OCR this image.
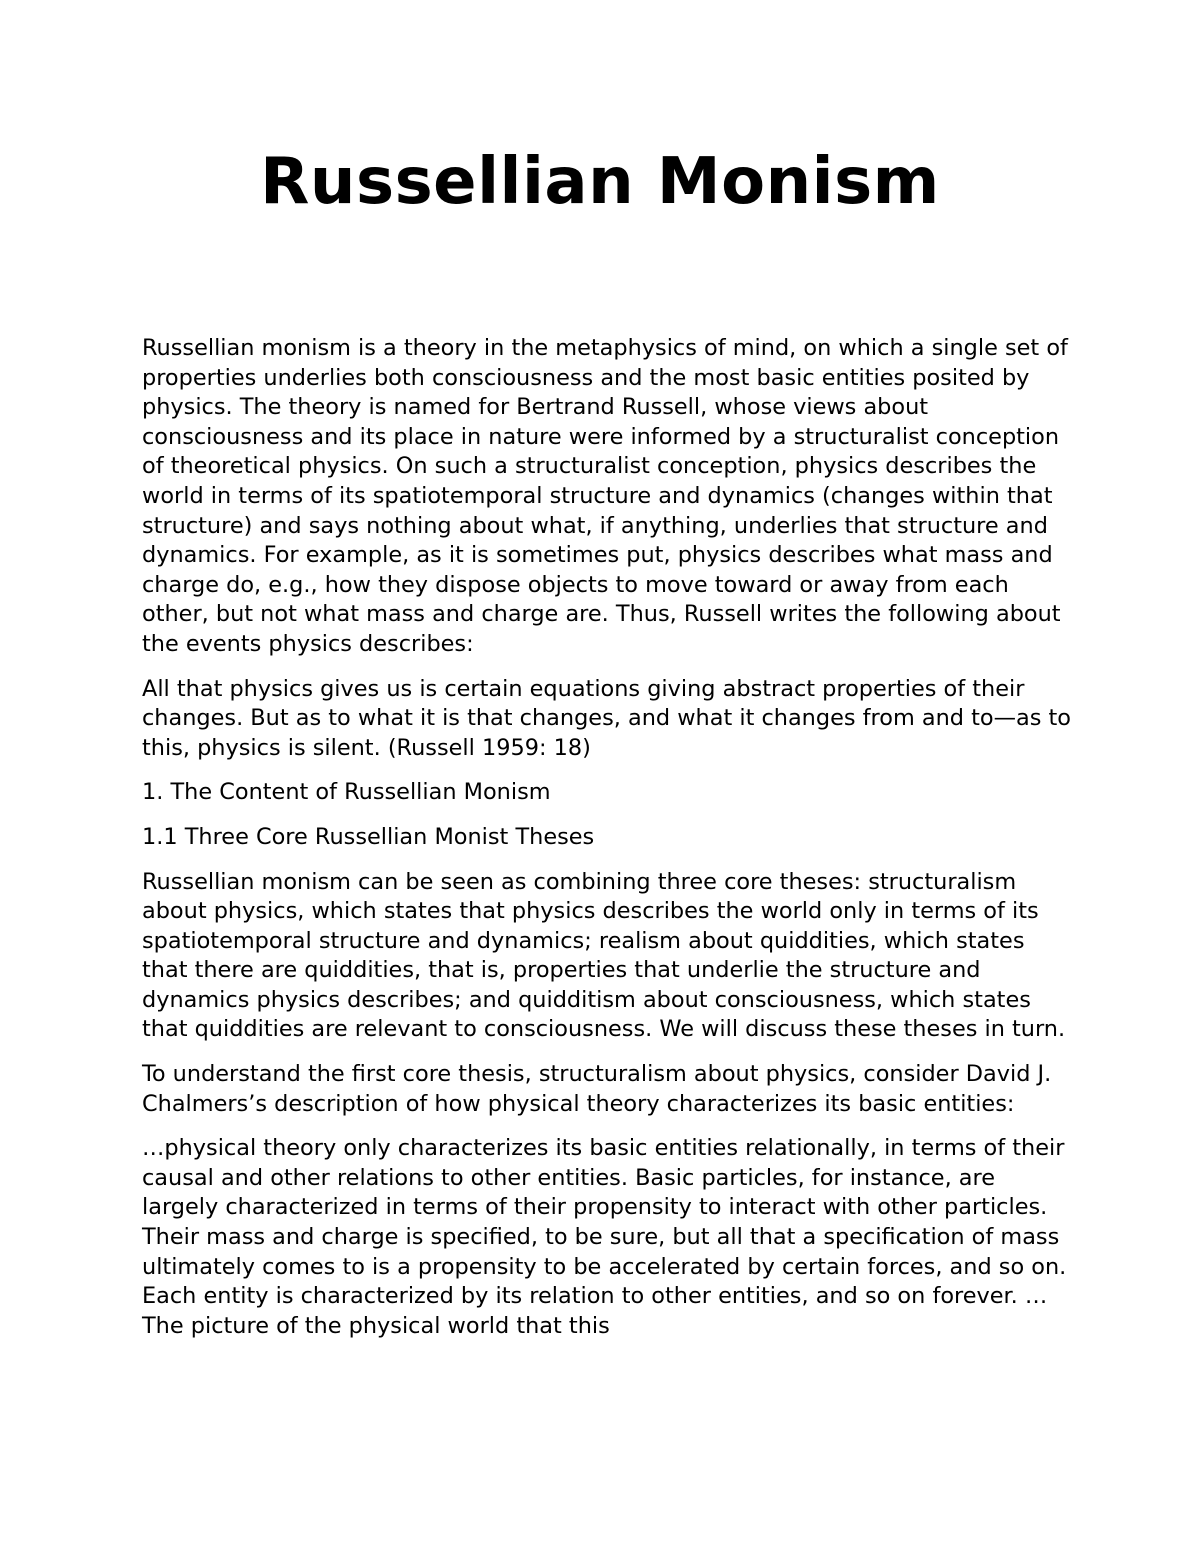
Russellian Monism

Russellian monism is a theory in the metaphysics of mind, on which a single set of properties underlies both consciousness and the most basic entities posited by physics. The theory is named for Bertrand Russell, whose views about consciousness and its place in nature were informed by a structuralist conception of theoretical physics. On such a structuralist conception, physics describes the world in terms of its spatiotemporal structure and dynamics (changes within that structure) and says nothing about what, if anything, underlies that structure and dynamics. For example, as it is sometimes put, physics describes what mass and charge do, e.g., how they dispose objects to move toward or away from each other, but not what mass and charge are. Thus, Russell writes the following about the events physics describes:

All that physics gives us is certain equations giving abstract properties of their changes. But as to what it is that changes, and what it changes from and to—as to this, physics is silent. (Russell 1959: 18)

1. The Content of Russellian Monism

1.1 Three Core Russellian Monist Theses

Russellian monism can be seen as combining three core theses: structuralism about physics, which states that physics describes the world only in terms of its spatiotemporal structure and dynamics; realism about quiddities, which states that there are quiddities, that is, properties that underlie the structure and dynamics physics describes; and quidditism about consciousness, which states that quiddities are relevant to consciousness. We will discuss these theses in turn.

To understand the first core thesis, structuralism about physics, consider David J. Chalmers’s description of how physical theory characterizes its basic entities:

…physical theory only characterizes its basic entities relationally, in terms of their causal and other relations to other entities. Basic particles, for instance, are largely characterized in terms of their propensity to interact with other particles. Their mass and charge is specified, to be sure, but all that a specification of mass ultimately comes to is a propensity to be accelerated by certain forces, and so on. Each entity is characterized by its relation to other entities, and so on forever. …The picture of the physical world that this
